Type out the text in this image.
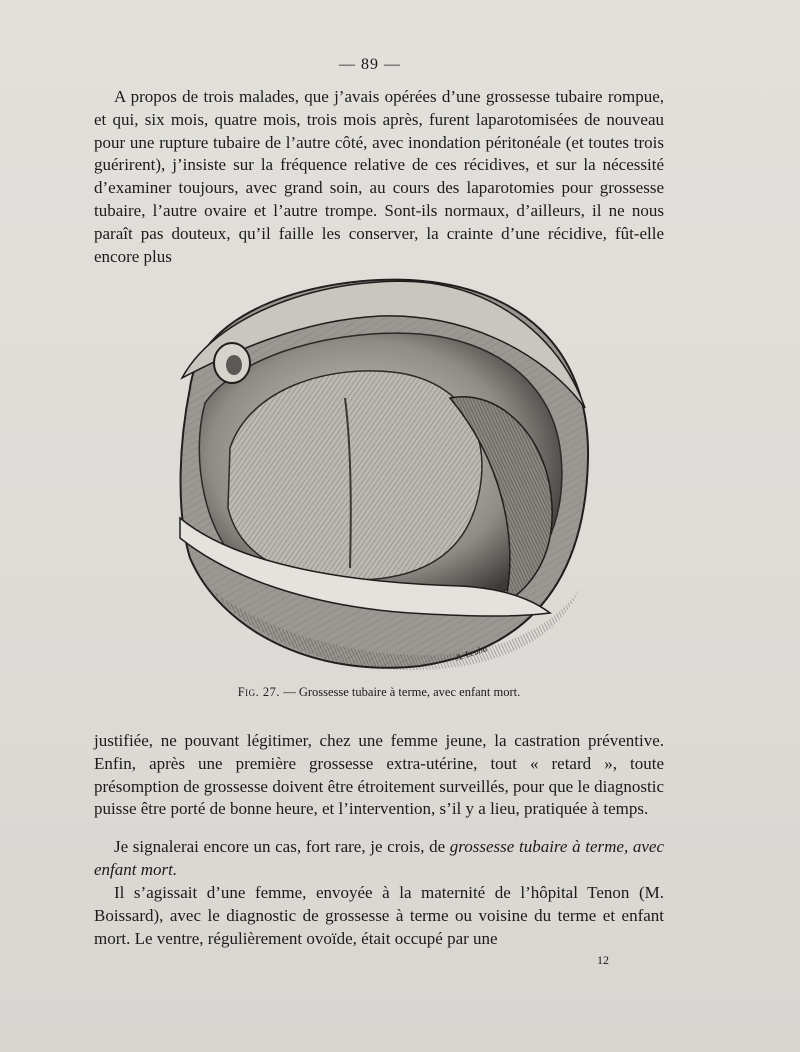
— 89 —

A propos de trois malades, que j’avais opérées d’une grossesse tubaire rompue, et qui, six mois, quatre mois, trois mois après, furent laparotomisées de nouveau pour une rupture tubaire de l’autre côté, avec inondation péritonéale (et toutes trois guérirent), j’insiste sur la fréquence relative de ces récidives, et sur la nécessité d’examiner toujours, avec grand soin, au cours des laparotomies pour grossesse tubaire, l’autre ovaire et l’autre trompe. Sont-ils normaux, d’ailleurs, il ne nous paraît pas douteux, qu’il faille les conserver, la crainte d’une récidive, fût-elle encore plus

A. Leuba
Fig. 27. — Grossesse tubaire à terme, avec enfant mort.

justifiée, ne pouvant légitimer, chez une femme jeune, la castration préventive. Enfin, après une première grossesse extra-utérine, tout « retard », toute présomption de grossesse doivent être étroitement surveillés, pour que le diagnostic puisse être porté de bonne heure, et l’intervention, s’il y a lieu, pratiquée à temps.

Je signalerai encore un cas, fort rare, je crois, de grossesse tubaire à terme, avec enfant mort.

Il s’agissait d’une femme, envoyée à la maternité de l’hôpital Tenon (M. Boissard), avec le diagnostic de grossesse à terme ou voisine du terme et enfant mort. Le ventre, régulièrement ovoïde, était occupé par une

12
